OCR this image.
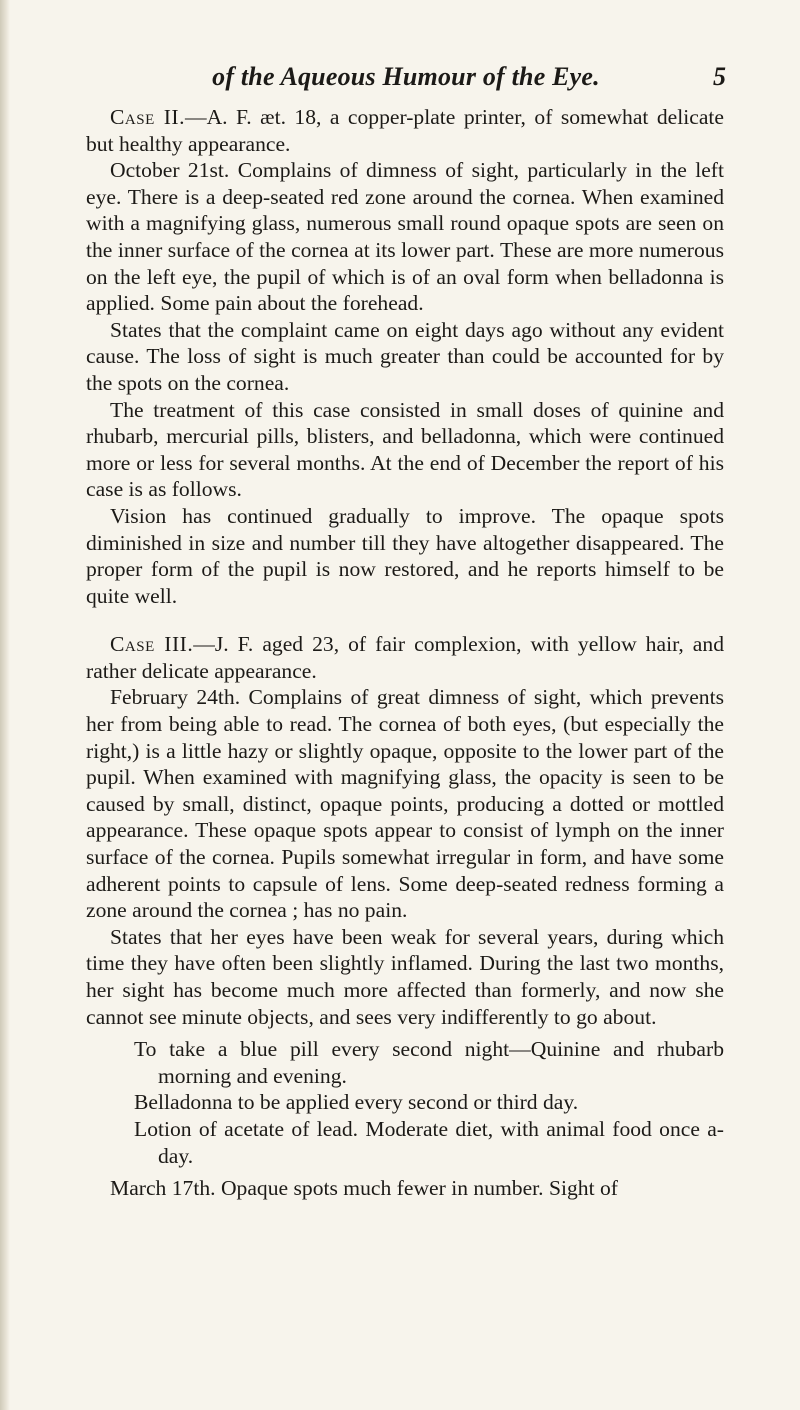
of the Aqueous Humour of the Eye.	5

Case II.—A. F. æt. 18, a copper-plate printer, of somewhat delicate but healthy appearance.

October 21st. Complains of dimness of sight, particularly in the left eye. There is a deep-seated red zone around the cornea. When examined with a magnifying glass, numerous small round opaque spots are seen on the inner surface of the cornea at its lower part. These are more numerous on the left eye, the pupil of which is of an oval form when belladonna is applied. Some pain about the forehead.

States that the complaint came on eight days ago without any evident cause. The loss of sight is much greater than could be accounted for by the spots on the cornea.

The treatment of this case consisted in small doses of quinine and rhubarb, mercurial pills, blisters, and belladonna, which were continued more or less for several months. At the end of December the report of his case is as follows.

Vision has continued gradually to improve. The opaque spots diminished in size and number till they have altogether disappeared. The proper form of the pupil is now restored, and he reports himself to be quite well.

Case III.—J. F. aged 23, of fair complexion, with yellow hair, and rather delicate appearance.

February 24th. Complains of great dimness of sight, which prevents her from being able to read. The cornea of both eyes, (but especially the right,) is a little hazy or slightly opaque, opposite to the lower part of the pupil. When examined with magnifying glass, the opacity is seen to be caused by small, distinct, opaque points, producing a dotted or mottled appearance. These opaque spots appear to consist of lymph on the inner surface of the cornea. Pupils somewhat irregular in form, and have some adherent points to capsule of lens. Some deep-seated redness forming a zone around the cornea ; has no pain.

States that her eyes have been weak for several years, during which time they have often been slightly inflamed. During the last two months, her sight has become much more affected than formerly, and now she cannot see minute objects, and sees very indifferently to go about.

To take a blue pill every second night—Quinine and rhubarb morning and evening.

Belladonna to be applied every second or third day.

Lotion of acetate of lead. Moderate diet, with animal food once a-day.

March 17th. Opaque spots much fewer in number. Sight of
